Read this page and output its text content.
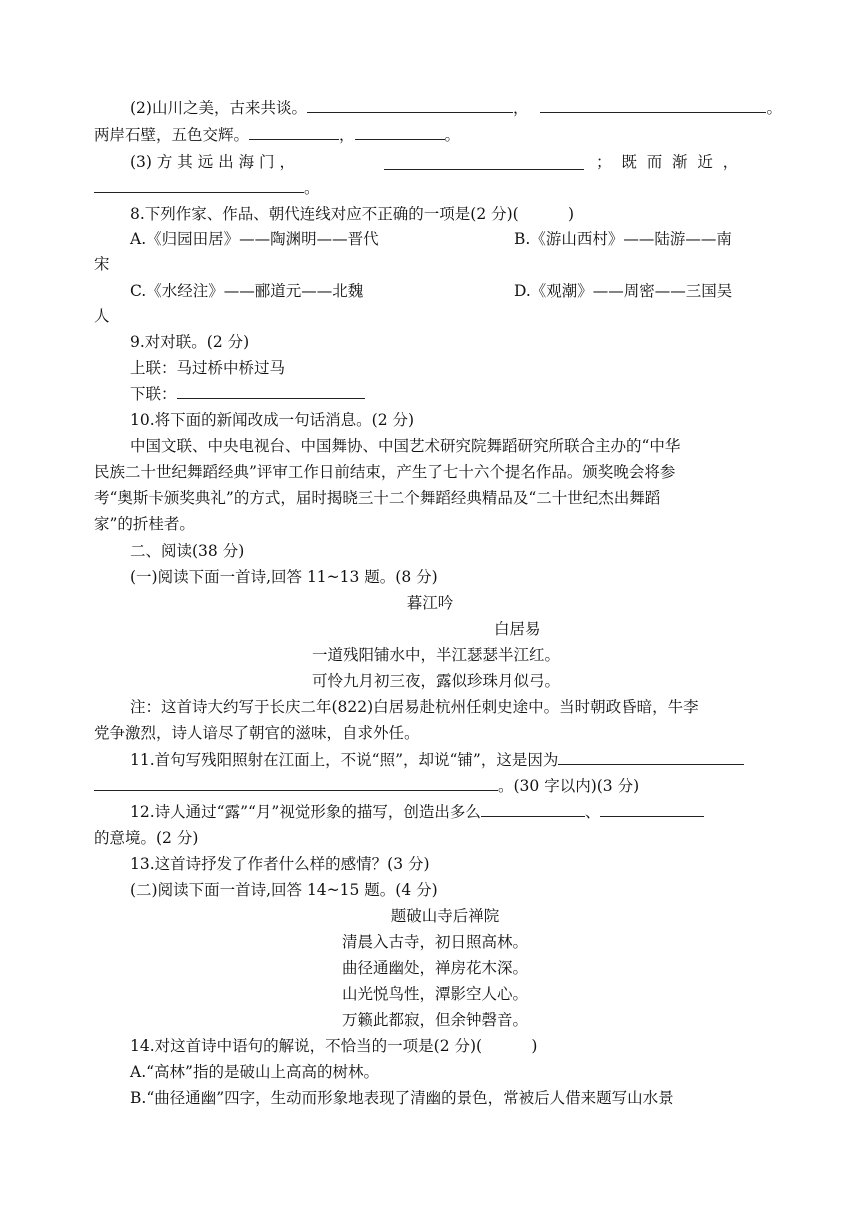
(2)山川之美，古来共谈。	，	。
两岸石壁，五色交辉。	，	。
(3) 方 其 远 出 海 门 ，	；  既  而  渐  近  ，
。
8.下列作家、作品、朝代连线对应不正确的一项是(2 分)(          )
A.《归园田居》——陶渊明——晋代	B.《游山西村》——陆游——南
宋
C.《水经注》——郦道元——北魏	D.《观潮》——周密——三国吴
人
9.对对联。(2 分)
上联：马过桥中桥过马
下联：
10.将下面的新闻改成一句话消息。(2 分)
中国文联、中央电视台、中国舞协、中国艺术研究院舞蹈研究所联合主办的“中华
民族二十世纪舞蹈经典”评审工作日前结束，产生了七十六个提名作品。颁奖晚会将参
考“奥斯卡颁奖典礼”的方式，届时揭晓三十二个舞蹈经典精品及“二十世纪杰出舞蹈
家”的折桂者。
二、阅读(38 分)
(一)阅读下面一首诗,回答 11~13 题。(8 分)
暮江吟
白居易
一道残阳铺水中，半江瑟瑟半江红。
可怜九月初三夜，露似珍珠月似弓。
注：这首诗大约写于长庆二年(822)白居易赴杭州任刺史途中。当时朝政昏暗，牛李
党争激烈，诗人谙尽了朝官的滋味，自求外任。
11.首句写残阳照射在江面上，不说“照”，却说“铺”，这是因为
。(30 字以内)(3 分)
12.诗人通过“露”“月”视觉形象的描写，创造出多么	、
的意境。(2 分)
13.这首诗抒发了作者什么样的感情？(3 分)
(二)阅读下面一首诗,回答 14~15 题。(4 分)
题破山寺后禅院
清晨入古寺，初日照高林。
曲径通幽处，禅房花木深。
山光悦鸟性，潭影空人心。
万籁此都寂，但余钟磬音。
14.对这首诗中语句的解说，不恰当的一项是(2 分)(          )
A.“高林”指的是破山上高高的树林。
B.“曲径通幽”四字，生动而形象地表现了清幽的景色，常被后人借来题写山水景
